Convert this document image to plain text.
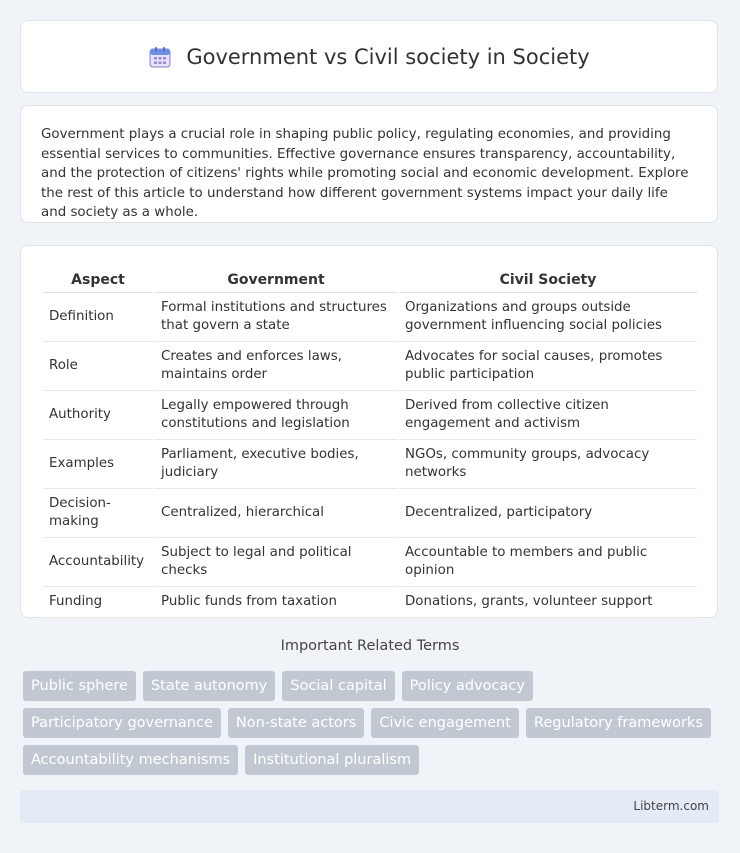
Government vs Civil society in Society

Government plays a crucial role in shaping public policy, regulating economies, and providing essential services to communities. Effective governance ensures transparency, accountability, and the protection of citizens' rights while promoting social and economic development. Explore the rest of this article to understand how different government systems impact your daily life and society as a whole.

Aspect	Government	Civil Society
Definition	Formal institutions and structures that govern a state	Organizations and groups outside government influencing social policies
Role	Creates and enforces laws, maintains order	Advocates for social causes, promotes public participation
Authority	Legally empowered through constitutions and legislation	Derived from collective citizen engagement and activism
Examples	Parliament, executive bodies, judiciary	NGOs, community groups, advocacy networks
Decision-making	Centralized, hierarchical	Decentralized, participatory
Accountability	Subject to legal and political checks	Accountable to members and public opinion
Funding	Public funds from taxation	Donations, grants, volunteer support
Important Related Terms
Public sphere	State autonomy	Social capital	Policy advocacy
Participatory governance	Non-state actors	Civic engagement	Regulatory frameworks
Accountability mechanisms	Institutional pluralism
Libterm.com
